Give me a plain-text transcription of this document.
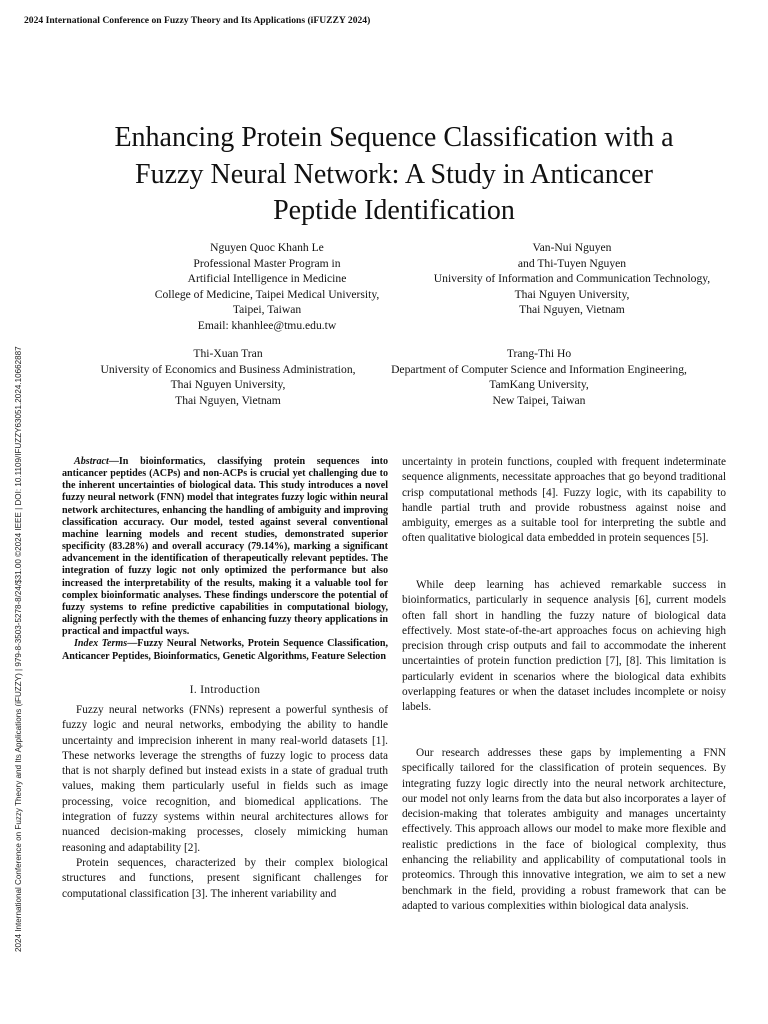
2024 International Conference on Fuzzy Theory and Its Applications (iFUZZY 2024)
2024 International Conference on Fuzzy Theory and Its Applications (iFUZZY) | 979-8-3503-5278-8/24/$31.00 ©2024 IEEE | DOI: 10.1109/IFUZZY63051.2024.10662887
Enhancing Protein Sequence Classification with a
Fuzzy Neural Network: A Study in Anticancer
Peptide Identification
Nguyen Quoc Khanh Le
Professional Master Program in
Artificial Intelligence in Medicine
College of Medicine, Taipei Medical University,
Taipei, Taiwan
Email: khanhlee@tmu.edu.tw
Van-Nui Nguyen
and Thi-Tuyen Nguyen
University of Information and Communication Technology,
Thai Nguyen University,
Thai Nguyen, Vietnam
Thi-Xuan Tran
University of Economics and Business Administration,
Thai Nguyen University,
Thai Nguyen, Vietnam
Trang-Thi Ho
Department of Computer Science and Information Engineering,
TamKang University,
New Taipei, Taiwan

Abstract—In bioinformatics, classifying protein sequences into anticancer peptides (ACPs) and non-ACPs is crucial yet challenging due to the inherent uncertainties of biological data. This study introduces a novel fuzzy neural network (FNN) model that integrates fuzzy logic within neural network architectures, enhancing the handling of ambiguity and improving classification accuracy. Our model, tested against several conventional machine learning models and recent studies, demonstrated superior specificity (83.28%) and overall accuracy (79.14%), marking a significant advancement in the identification of therapeutically relevant peptides. The integration of fuzzy logic not only optimized the performance but also increased the interpretability of the results, making it a valuable tool for complex bioinformatic analyses. These findings underscore the potential of fuzzy systems to refine predictive capabilities in computational biology, aligning perfectly with the themes of enhancing fuzzy theory applications in practical and impactful ways.

Index Terms—Fuzzy Neural Networks, Protein Sequence Classification, Anticancer Peptides, Bioinformatics, Genetic Algorithms, Feature Selection

I. Introduction

Fuzzy neural networks (FNNs) represent a powerful synthesis of fuzzy logic and neural networks, embodying the ability to handle uncertainty and imprecision inherent in many real-world datasets [1]. These networks leverage the strengths of fuzzy logic to process data that is not sharply defined but instead exists in a state of gradual truth values, making them particularly useful in fields such as image processing, voice recognition, and biomedical applications. The integration of fuzzy systems within neural architectures allows for nuanced decision-making processes, closely mimicking human reasoning and adaptability [2].

Protein sequences, characterized by their complex biological structures and functions, present significant challenges for computational classification [3]. The inherent variability and

uncertainty in protein functions, coupled with frequent indeterminate sequence alignments, necessitate approaches that go beyond traditional crisp computational methods [4]. Fuzzy logic, with its capability to handle partial truth and provide robustness against noise and ambiguity, emerges as a suitable tool for interpreting the subtle and often qualitative biological data embedded in protein sequences [5].

While deep learning has achieved remarkable success in bioinformatics, particularly in sequence analysis [6], current models often fall short in handling the fuzzy nature of biological data effectively. Most state-of-the-art approaches focus on achieving high precision through crisp outputs and fail to accommodate the inherent uncertainties of protein function prediction [7], [8]. This limitation is particularly evident in scenarios where the biological data exhibits overlapping features or when the dataset includes incomplete or noisy labels.

Our research addresses these gaps by implementing a FNN specifically tailored for the classification of protein sequences. By integrating fuzzy logic directly into the neural network architecture, our model not only learns from the data but also incorporates a layer of decision-making that tolerates ambiguity and manages uncertainty effectively. This approach allows our model to make more flexible and realistic predictions in the face of biological complexity, thus enhancing the reliability and applicability of computational tools in proteomics. Through this innovative integration, we aim to set a new benchmark in the field, providing a robust framework that can be adapted to various complexities within biological data analysis.
